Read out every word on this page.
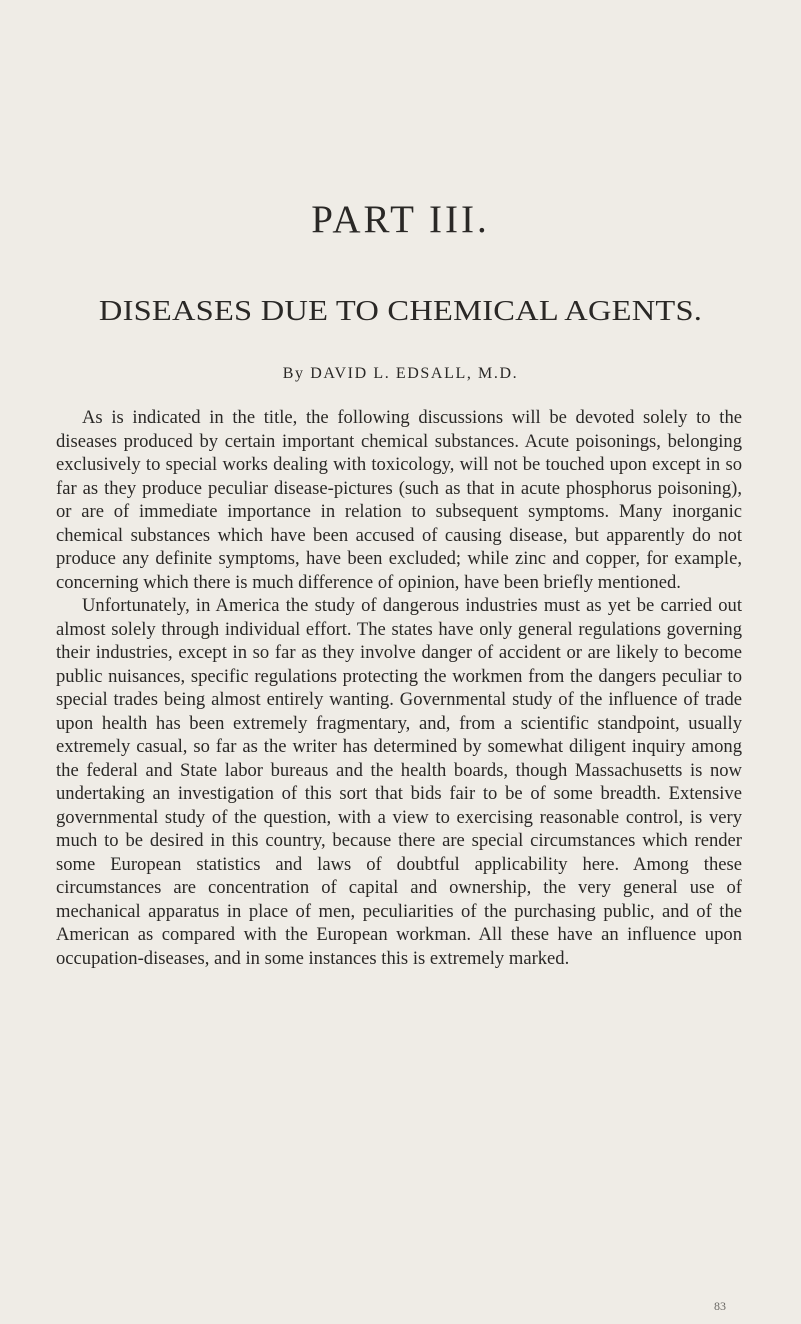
PART III.
DISEASES DUE TO CHEMICAL AGENTS.
By DAVID L. EDSALL, M.D.

As is indicated in the title, the following discussions will be devoted solely to the diseases produced by certain important chemical substances. Acute poisonings, belonging exclusively to special works dealing with toxicology, will not be touched upon except in so far as they produce peculiar disease-pictures (such as that in acute phosphorus poisoning), or are of immediate importance in relation to subsequent symptoms. Many inorganic chemical substances which have been accused of causing disease, but apparently do not produce any definite symptoms, have been excluded; while zinc and copper, for example, concerning which there is much difference of opinion, have been briefly mentioned.

Unfortunately, in America the study of dangerous industries must as yet be carried out almost solely through individual effort. The states have only general regulations governing their industries, except in so far as they involve danger of accident or are likely to become public nuisances, specific regulations protecting the workmen from the dangers peculiar to special trades being almost entirely wanting. Governmental study of the influence of trade upon health has been extremely fragmentary, and, from a scientific standpoint, usually extremely casual, so far as the writer has determined by somewhat diligent inquiry among the federal and State labor bureaus and the health boards, though Massachusetts is now undertaking an investigation of this sort that bids fair to be of some breadth. Extensive governmental study of the question, with a view to exercising reasonable control, is very much to be desired in this country, because there are special circumstances which render some European statistics and laws of doubtful applicability here. Among these circumstances are concentration of capital and ownership, the very general use of mechanical apparatus in place of men, peculiarities of the purchasing public, and of the American as compared with the European workman. All these have an influence upon occupation-diseases, and in some instances this is extremely marked.

83
